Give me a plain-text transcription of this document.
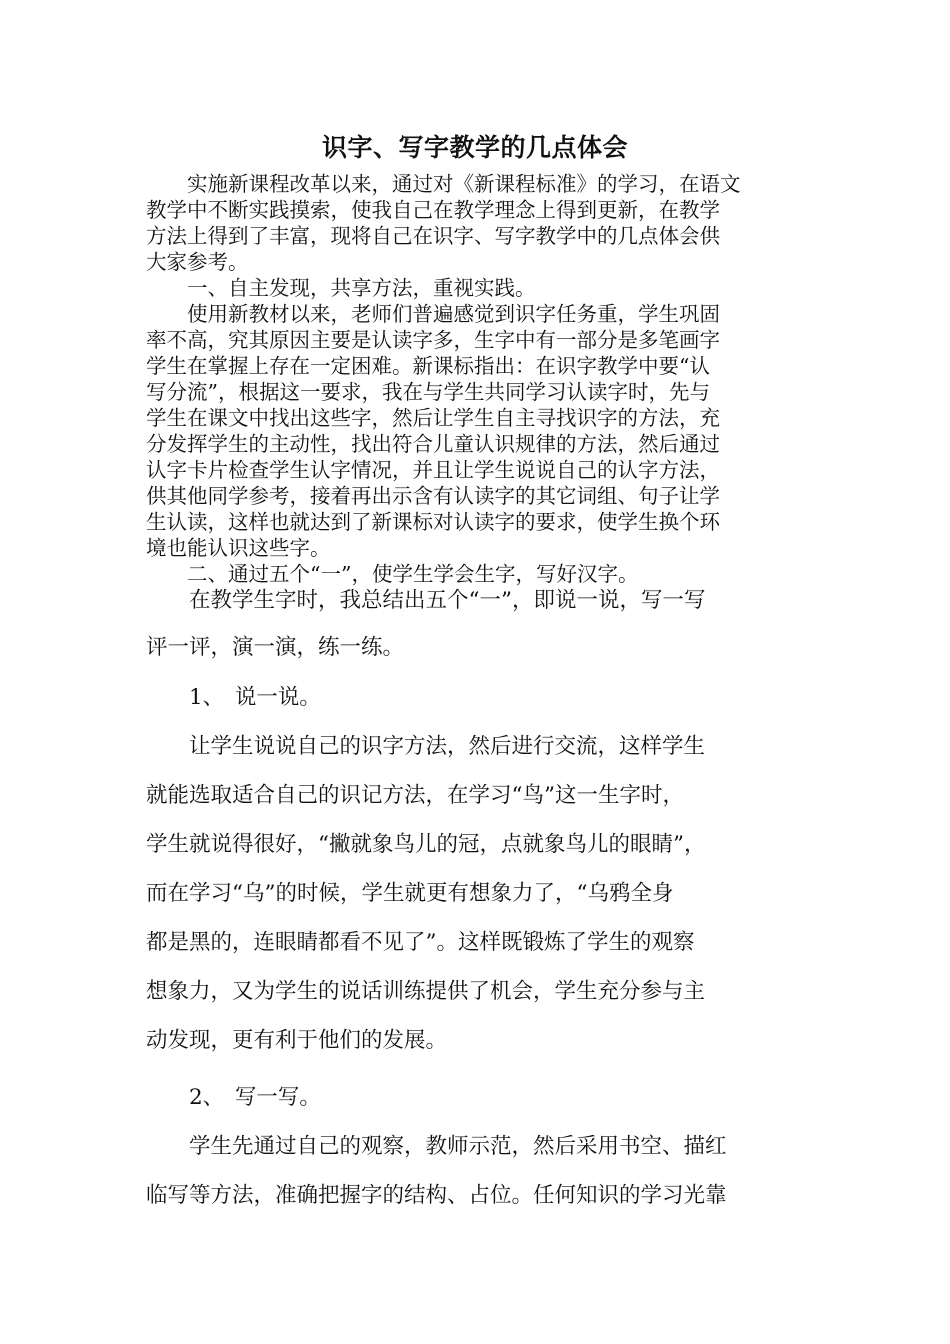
识字、写字教学的几点体会
　　实施新课程改革以来，通过对《新课程标准》的学习，在语文
教学中不断实践摸索，使我自己在教学理念上得到更新，在教学
方法上得到了丰富，现将自己在识字、写字教学中的几点体会供
大家参考。
　　一、自主发现，共享方法，重视实践。
　　使用新教材以来，老师们普遍感觉到识字任务重，学生巩固
率不高，究其原因主要是认读字多，生字中有一部分是多笔画字
学生在掌握上存在一定困难。新课标指出：在识字教学中要“认
写分流”，根据这一要求，我在与学生共同学习认读字时，先与
学生在课文中找出这些字，然后让学生自主寻找识字的方法，充
分发挥学生的主动性，找出符合儿童认识规律的方法，然后通过
认字卡片检查学生认字情况，并且让学生说说自己的认字方法，
供其他同学参考，接着再出示含有认读字的其它词组、句子让学
生认读，这样也就达到了新课标对认读字的要求，使学生换个环
境也能认识这些字。
　　二、通过五个“一”，使学生学会生字，写好汉字。
　　在教学生字时，我总结出五个“一”，即说一说，写一写
评一评，演一演，练一练。
　　1、　说一说。
　　让学生说说自己的识字方法，然后进行交流，这样学生
就能选取适合自己的识记方法，在学习“鸟”这一生字时，
学生就说得很好，“撇就象鸟儿的冠，点就象鸟儿的眼睛”，
而在学习“乌”的时候，学生就更有想象力了，“乌鸦全身
都是黑的，连眼睛都看不见了”。这样既锻炼了学生的观察
想象力，又为学生的说话训练提供了机会，学生充分参与主
动发现，更有利于他们的发展。
　　2、　写一写。
　　学生先通过自己的观察，教师示范，然后采用书空、描红
临写等方法，准确把握字的结构、占位。任何知识的学习光靠
